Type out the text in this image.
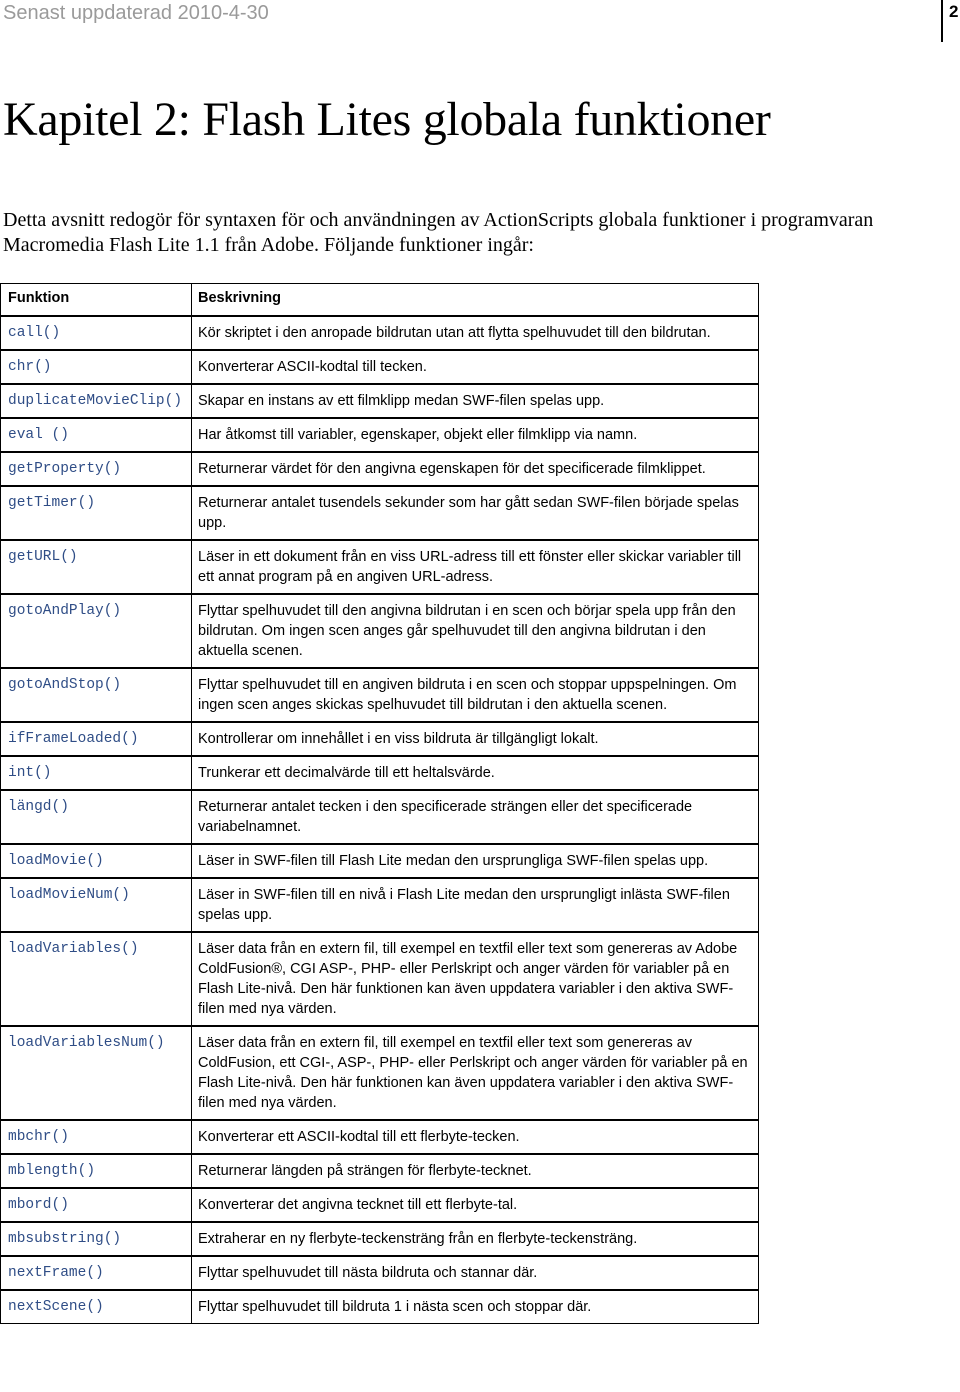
Senast uppdaterad 2010-4-30	2
Kapitel 2: Flash Lites globala funktioner

Detta avsnitt redogör för syntaxen för och användningen av ActionScripts globala funktioner i programvaran Macromedia Flash Lite 1.1 från Adobe. Följande funktioner ingår:

Funktion	Beskrivning
call()	Kör skriptet i den anropade bildrutan utan att flytta spelhuvudet till den bildrutan.
chr()	Konverterar ASCII-kodtal till tecken.
duplicateMovieClip()	Skapar en instans av ett filmklipp medan SWF-filen spelas upp.
eval ()	Har åtkomst till variabler, egenskaper, objekt eller filmklipp via namn.
getProperty()	Returnerar värdet för den angivna egenskapen för det specificerade filmklippet.
getTimer()	Returnerar antalet tusendels sekunder som har gått sedan SWF-filen började spelas upp.
getURL()	Läser in ett dokument från en viss URL-adress till ett fönster eller skickar variabler till ett annat program på en angiven URL-adress.
gotoAndPlay()	Flyttar spelhuvudet till den angivna bildrutan i en scen och börjar spela upp från den bildrutan. Om ingen scen anges går spelhuvudet till den angivna bildrutan i den aktuella scenen.
gotoAndStop()	Flyttar spelhuvudet till en angiven bildruta i en scen och stoppar uppspelningen. Om ingen scen anges skickas spelhuvudet till bildrutan i den aktuella scenen.
ifFrameLoaded()	Kontrollerar om innehållet i en viss bildruta är tillgängligt lokalt.
int()	Trunkerar ett decimalvärde till ett heltalsvärde.
längd()	Returnerar antalet tecken i den specificerade strängen eller det specificerade variabelnamnet.
loadMovie()	Läser in SWF-filen till Flash Lite medan den ursprungliga SWF-filen spelas upp.
loadMovieNum()	Läser in SWF-filen till en nivå i Flash Lite medan den ursprungligt inlästa SWF-filen spelas upp.
loadVariables()	Läser data från en extern fil, till exempel en textfil eller text som genereras av Adobe ColdFusion®, CGI ASP-, PHP- eller Perlskript och anger värden för variabler på en Flash Lite-nivå. Den här funktionen kan även uppdatera variabler i den aktiva SWF-filen med nya värden.
loadVariablesNum()	Läser data från en extern fil, till exempel en textfil eller text som genereras av ColdFusion, ett CGI-, ASP-, PHP- eller Perlskript och anger värden för variabler på en Flash Lite-nivå. Den här funktionen kan även uppdatera variabler i den aktiva SWF-filen med nya värden.
mbchr()	Konverterar ett ASCII-kodtal till ett flerbyte-tecken.
mblength()	Returnerar längden på strängen för flerbyte-tecknet.
mbord()	Konverterar det angivna tecknet till ett flerbyte-tal.
mbsubstring()	Extraherar en ny flerbyte-teckensträng från en flerbyte-teckensträng.
nextFrame()	Flyttar spelhuvudet till nästa bildruta och stannar där.
nextScene()	Flyttar spelhuvudet till bildruta 1 i nästa scen och stoppar där.
